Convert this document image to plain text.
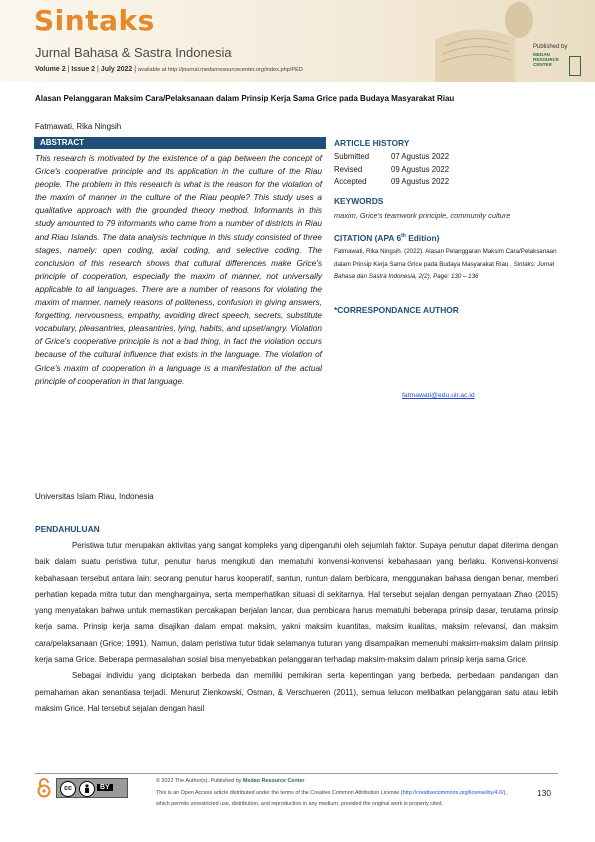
Sintaks
Jurnal Bahasa & Sastra Indonesia
Volume 2 | Issue 2 | July 2022 | available at http://journal.medanresourcecenter.org/index.php/PED
Published by
MEDAN
RESOURCE
CENTER
Alasan Pelanggaran Maksim Cara/Pelaksanaan dalam Prinsip Kerja Sama Grice pada Budaya Masyarakat Riau
Fatmawati, Rika Ningsih
ABSTRACT
This research is motivated by the existence of a gap between the concept of Grice's cooperative principle and its application in the culture of the Riau people. The problem in this research is what is the reason for the violation of the maxim of manner in the culture of the Riau people? This study uses a qualitative approach with the grounded theory method. Informants in this study amounted to 79 informants who came from a number of districts in Riau and Riau Islands. The data analysis technique in this study consisted of three stages, namely: open coding, axial coding, and selective coding. The conclusion of this research shows that cultural differences make Grice's principle of cooperation, especially the maxim of manner, not universally applicable to all languages. There are a number of reasons for violating the maxim of manner, namely reasons of politeness, confusion in giving answers, forgetting, nervousness, empathy, avoiding direct speech, secrets, substitute vocabulary, pleasantries, pleasantries, lying, habits, and upset/angry. Violation of Grice's cooperative principle is not a bad thing, in fact the violation occurs because of the cultural influence that exists in the language. The violation of Grice's maxim of cooperation in a language is a manifestation of the actual principle of cooperation in that language.
Universitas Islam Riau, Indonesia
ARTICLE HISTORY
Submitted	07 Agustus 2022
Revised	09 Agustus 2022
Accepted	09 Agustus 2022
KEYWORDS
maxim, Grice's teamwork principle, community culture
CITATION (APA 6th Edition)
Fatmawati, Rika Ningsih. (2022). Alasan Pelanggaran Maksim Cara/Pelaksanaan dalam Prinsip Kerja Sama Grice pada Budaya Masyarakat Riau . Sintaks: Jurnal Bahasa dan Sastra Indonesia, 2(2), Page: 130 – 136
*CORRESPONDANCE AUTHOR
fatmawati@edu.uir.ac.id
PENDAHULUAN

Peristiwa tutur merupakan aktivitas yang sangat kompleks yang dipengaruhi oleh sejumlah faktor. Supaya penutur dapat diterima dengan baik dalam suatu peristiwa tutur, penutur harus mengikuti dan mematuhi konvensi-konvensi kebahasaan yang berlaku. Konvensi-konvensi kebahasaan tersebut antara lain: seorang penutur harus kooperatif, santun, runtun dalam berbicara, menggunakan bahasa dengan benar, memberi perhatian kepada mitra tutur dan menghargainya, serta memperhatikan situasi di sekitarnya. Hal tersebut sejalan dengan pernyataan Zhao (2015) yang menyatakan bahwa untuk memastikan percakapan berjalan lancar, dua pembicara harus mematuhi beberapa prinsip dasar, terutama prinsip kerja sama. Prinsip kerja sama disajikan dalam empat maksim, yakni maksim kuantitas, maksim kualitas, maksim relevansi, dan maksim cara/pelaksanaan (Grice: 1991). Namun, dalam peristiwa tutur tidak selamanya tuturan yang disampaikan memenuhi maksim-maksim dalam prinsip kerja sama Grice. Beberapa permasalahan sosial bisa menyebabkan pelanggaran terhadap maksim-maksim dalam prinsip kerja sama Grice.

Sebagai individu yang diciptakan berbeda dan memiliki pemikiran serta kepentingan yang berbeda, perbedaan pandangan dan pemahaman akan senantiasa terjadi. Menurut Zienkowski, Osman, & Verschueren (2011), semua lelucon melibatkan pelanggaran satu atau lebih maksim Grice. Hal tersebut sejalan dengan hasil

cc	BY
© 2022 The Author(s). Published by Medan Resource Center
This is an Open Access article distributed under the terms of the Creative Common Attribution License (http://creativecommons.org/license/by/4.0/),
which permits unrestricted use, distribution, and reproduction in any medium, provided the original work is properly cited.
130
